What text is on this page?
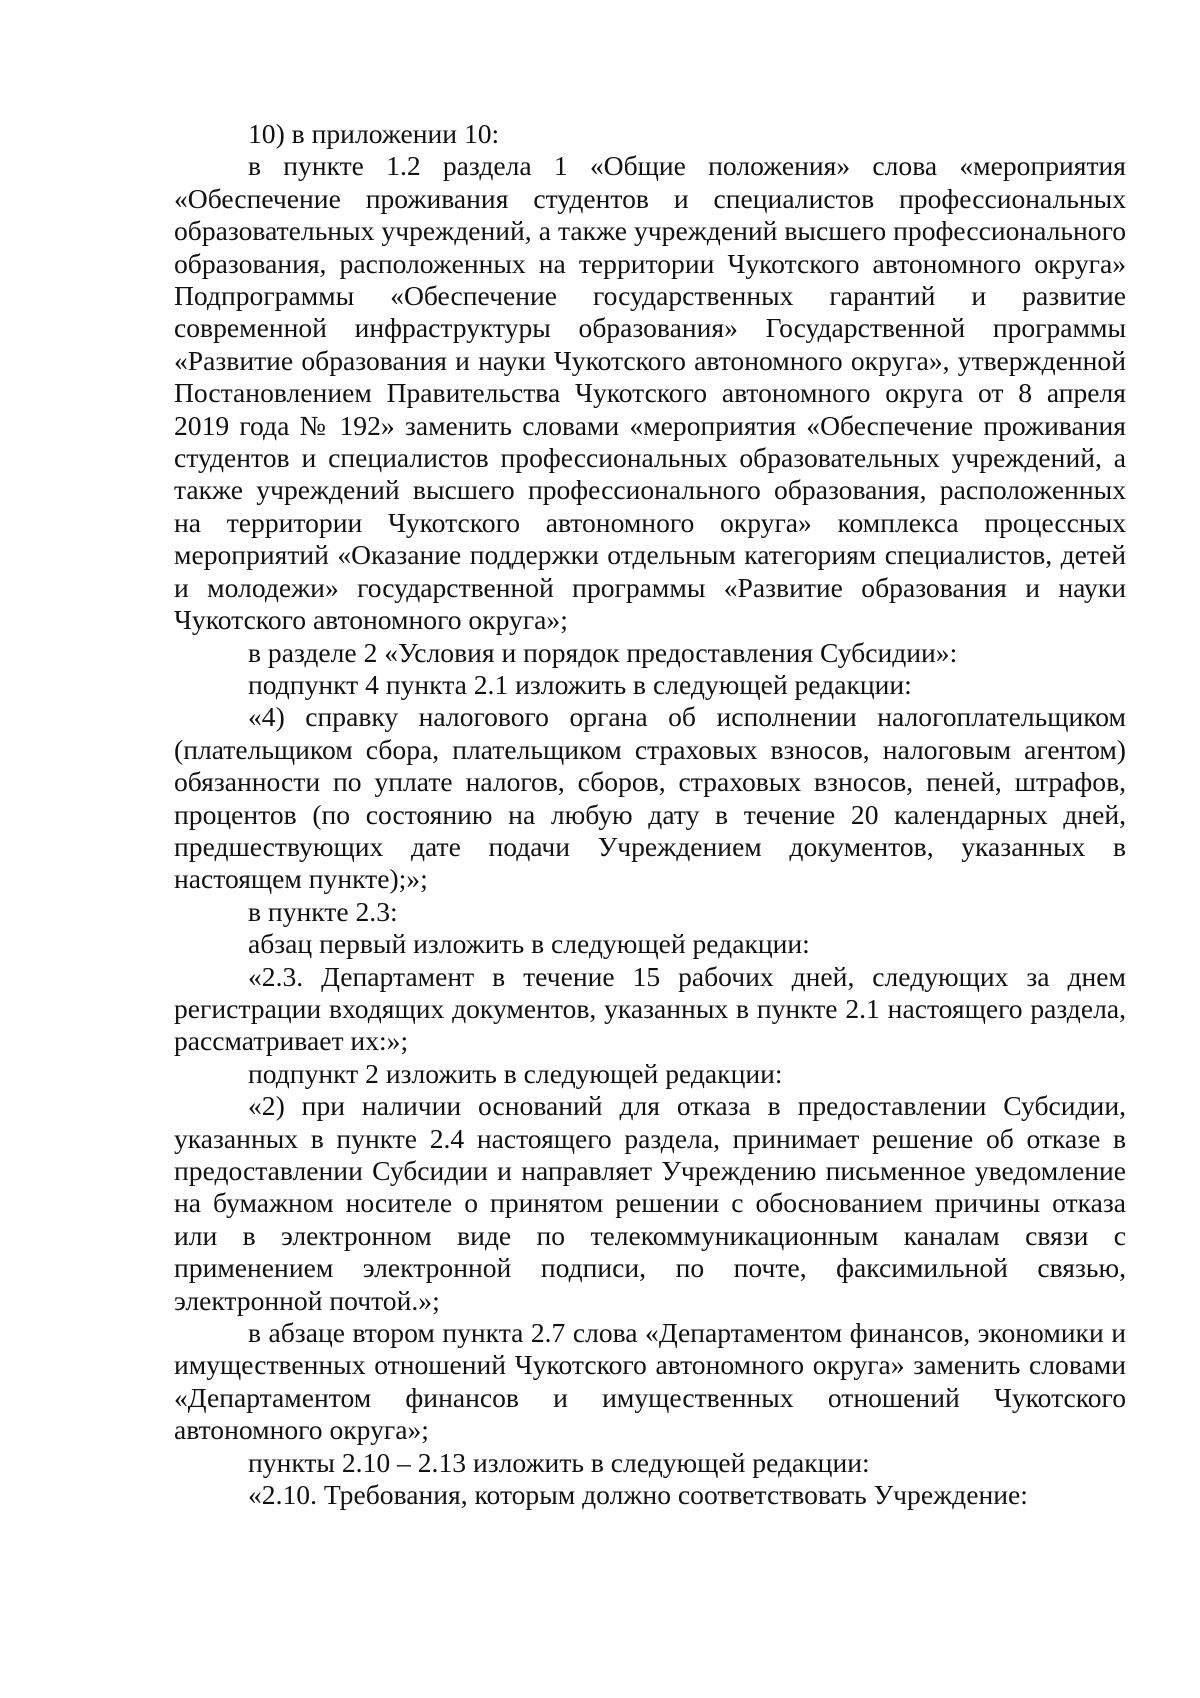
10) в приложении 10:

в пункте 1.2 раздела 1 «Общие положения» слова «мероприятия «Обеспечение проживания студентов и специалистов профессиональных образовательных учреждений, а также учреждений высшего профессионального образования, расположенных на территории Чукотского автономного округа» Подпрограммы «Обеспечение государственных гарантий и развитие современной инфраструктуры образования» Государственной программы «Развитие образования и науки Чукотского автономного округа», утвержденной Постановлением Правительства Чукотского автономного округа от 8 апреля 2019 года № 192» заменить словами «мероприятия «Обеспечение проживания студентов и специалистов профессиональных образовательных учреждений, а также учреждений высшего профессионального образования, расположенных на территории Чукотского автономного округа» комплекса процессных мероприятий «Оказание поддержки отдельным категориям специалистов, детей и молодежи» государственной программы «Развитие образования и науки Чукотского автономного округа»;

в разделе 2 «Условия и порядок предоставления Субсидии»:

подпункт 4 пункта 2.1 изложить в следующей редакции:

«4) справку налогового органа об исполнении налогоплательщиком (плательщиком сбора, плательщиком страховых взносов, налоговым агентом) обязанности по уплате налогов, сборов, страховых взносов, пеней, штрафов, процентов (по состоянию на любую дату в течение 20 календарных дней, предшествующих дате подачи Учреждением документов, указанных в настоящем пункте);»;

в пункте 2.3:

абзац первый изложить в следующей редакции:

«2.3. Департамент в течение 15 рабочих дней, следующих за днем регистрации входящих документов, указанных в пункте 2.1 настоящего раздела, рассматривает их:»;

подпункт 2 изложить в следующей редакции:

«2) при наличии оснований для отказа в предоставлении Субсидии, указанных в пункте 2.4 настоящего раздела, принимает решение об отказе в предоставлении Субсидии и направляет Учреждению письменное уведомление на бумажном носителе о принятом решении с обоснованием причины отказа или в электронном виде по телекоммуникационным каналам связи с применением электронной подписи, по почте, факсимильной связью, электронной почтой.»;

в абзаце втором пункта 2.7 слова «Департаментом финансов, экономики и имущественных отношений Чукотского автономного округа» заменить словами «Департаментом финансов и имущественных отношений Чукотского автономного округа»;

пункты 2.10 – 2.13 изложить в следующей редакции:

«2.10. Требования, которым должно соответствовать Учреждение:
